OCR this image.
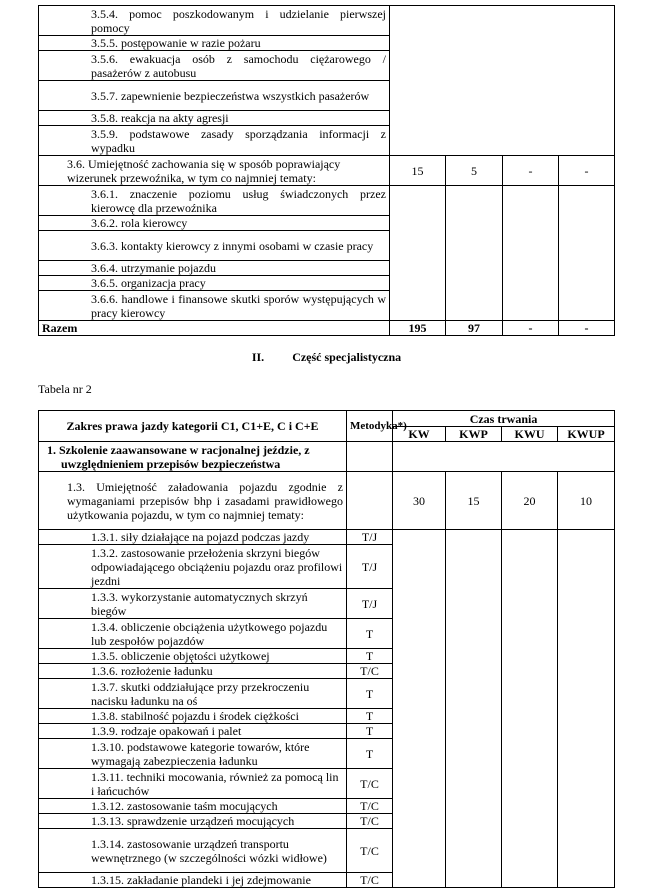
3.5.4. pomoc poszkodowanym i udzielanie pierwszej pomocy	
3.5.5. postępowanie w razie pożaru
3.5.6. ewakuacja osób z samochodu ciężarowego / pasażerów z autobusu
3.5.7. zapewnienie bezpieczeństwa wszystkich pasażerów
3.5.8. reakcja na akty agresji
3.5.9. podstawowe zasady sporządzania informacji z wypadku
3.6. Umiejętność zachowania się w sposób poprawiający wizerunek przewoźnika, w tym co najmniej tematy:	15	5	-	-
3.6.1. znaczenie poziomu usług świadczonych przez kierowcę dla przewoźnika				
3.6.2. rola kierowcy				
3.6.3. kontakty kierowcy z innymi osobami w czasie pracy				
3.6.4. utrzymanie pojazdu				
3.6.5. organizacja pracy				
3.6.6. handlowe i finansowe skutki sporów występujących w pracy kierowcy				
Razem	195	97	-	-
II. Część specjalistyczna
Tabela nr 2
Zakres prawa jazdy kategorii C1, C1+E, C i C+E	Metodyka*)	Czas trwania			
		KW	KWP	KWU	KWUP
1. Szkolenie zaawansowane w racjonalnej jeździe, z uwzględnieniem przepisów bezpieczeństwa					
1.3. Umiejętność załadowania pojazdu zgodnie z wymaganiami przepisów bhp i zasadami prawidłowego użytkowania pojazdu, w tym co najmniej tematy:		30	15	20	10
1.3.1. siły działające na pojazd podczas jazdy	T/J				
1.3.2. zastosowanie przełożenia skrzyni biegów odpowiadającego obciążeniu pojazdu oraz profilowi jezdni	T/J				
1.3.3. wykorzystanie automatycznych skrzyń biegów	T/J				
1.3.4. obliczenie obciążenia użytkowego pojazdu lub zespołów pojazdów	T				
1.3.5. obliczenie objętości użytkowej	T				
1.3.6. rozłożenie ładunku	T/C				
1.3.7. skutki oddziałujące przy przekroczeniu nacisku ładunku na oś	T				
1.3.8. stabilność pojazdu i środek ciężkości	T				
1.3.9. rodzaje opakowań i palet	T				
1.3.10. podstawowe kategorie towarów, które wymagają zabezpieczenia ładunku	T				
1.3.11. techniki mocowania, również za pomocą lin i łańcuchów	T/C				
1.3.12. zastosowanie taśm mocujących	T/C				
1.3.13. sprawdzenie urządzeń mocujących	T/C				
1.3.14. zastosowanie urządzeń transportu wewnętrznego (w szczególności wózki widłowe)	T/C				
1.3.15. zakładanie plandeki i jej zdejmowanie	T/C				
